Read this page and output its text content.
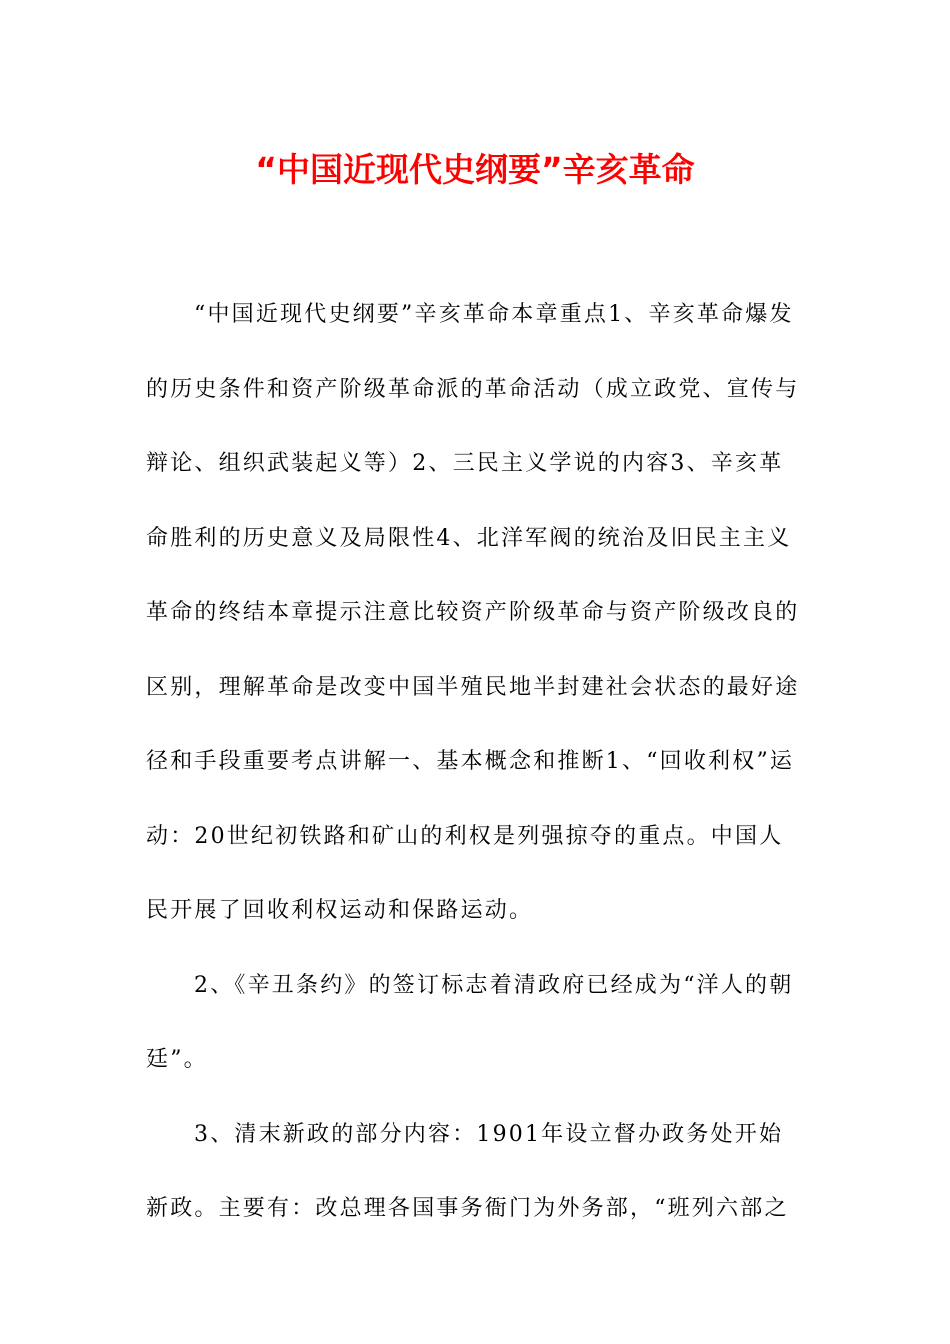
“中国近现代史纲要”辛亥革命

“中国近现代史纲要”辛亥革命本章重点1、辛亥革命爆发的历史条件和资产阶级革命派的革命活动（成立政党、宣传与辩论、组织武装起义等）2、三民主义学说的内容3、辛亥革命胜利的历史意义及局限性4、北洋军阀的统治及旧民主主义革命的终结本章提示注意比较资产阶级革命与资产阶级改良的区别，理解革命是改变中国半殖民地半封建社会状态的最好途径和手段重要考点讲解一、基本概念和推断1、“回收利权”运动：20世纪初铁路和矿山的利权是列强掠夺的重点。中国人民开展了回收利权运动和保路运动。

2、《辛丑条约》的签订标志着清政府已经成为“洋人的朝廷”。

3、清末新政的部分内容：1901年设立督办政务处开始新政。主要有：改总理各国事务衙门为外务部，“班列六部之
